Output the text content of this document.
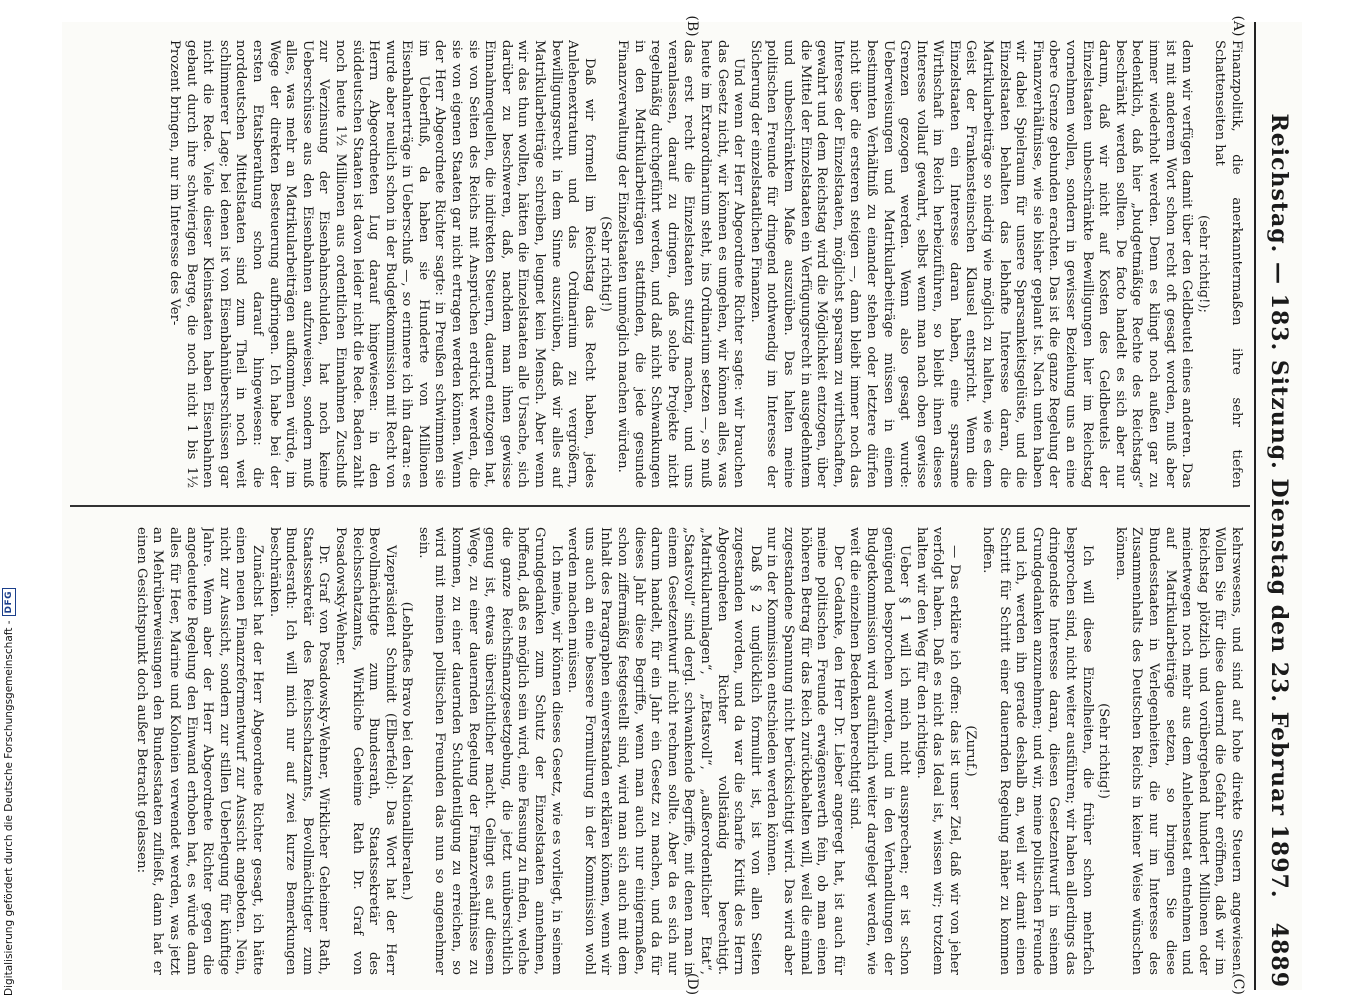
Reichstag. — 183. Sitzung. Dienstag den 23. Februar 1897.
4889
(A)
(B)
(C)
(D)

Finanzpolitik, die anerkanntermaßen ihre sehr tiefen Schattenseiten hat

(sehr richtig!);

denn wir verfügen damit über den Geldbeutel eines anderen. Das ist mit anderem Wort schon recht oft gesagt worden, muß aber immer wiederholt werden. Denn es klingt noch außen gar zu bedenklich, daß hier „budgetmäßige Rechte des Reichstags“ beschränkt werden sollten. De facto handelt es sich aber nur darum, daß wir nicht auf Kosten des Geldbeutels der Einzelstaaten unbeschränkte Bewilligungen hier im Reichstag vornehmen wollen, sondern in gewisser Beziehung uns an eine obere Grenze gebunden erachten. Das ist die ganze Regelung der Finanzverhältnisse, wie sie bisher geplant ist. Nach unten haben wir dabei Spielraum für unsere Sparsamkeitsgelüste, und die Einzelstaaten behalten das lebhafte Interesse daran, die Matrikularbeiträge so niedrig wie möglich zu halten, wie es dem Geist der Frankensteinschen Klausel entspricht. Wenn die Einzelstaaten ein Interesse daran haben, eine sparsame Wirthschaft im Reich herbeizuführen, so bleibt ihnen dieses Interesse vollauf gewahrt, selbst wenn man nach oben gewisse Grenzen gezogen werden. Wenn also gesagt wurde: Ueberweisungen und Matrikularbeiträge müssen in einem bestimmten Verhältniß zu einander stehen oder letztere dürfen nicht über die ersteren steigen —, dann bleibt immer noch das Interesse der Einzelstaaten, möglichst sparsam zu wirthschaften, gewahrt und dem Reichstag wird die Möglichkeit entzogen, über die Mittel der Einzelstaaten ein Verfügungsrecht in ausgedehntem und unbeschränktem Maße auszuüben. Das halten meine politischen Freunde für dringend nothwendig im Interesse der Sicherung der einzelstaatlichen Finanzen.

Und wenn der Herr Abgeordnete Richter sagte: wir brauchen das Gesetz nicht, wir können es umgehen, wir können alles, was heute im Extraordinarium steht, ins Ordinarium setzen —, so muß das erst recht die Einzelstaaten stutzig machen, und uns veranlassen, darauf zu dringen, daß solche Projekte nicht regelmäßig durchgeführt werden, und daß nicht Schwankungen in den Matrikularbeiträgen stattfinden, die jede gesunde Finanzverwaltung der Einzelstaaten unmöglich machen würden.

(Sehr richtig!)

Daß wir formell im Reichstag das Recht haben, jedes Anlehenextratum und das Ordinarium zu vergrößern, bewilligungsrecht in dem Sinne auszuüben, daß wir alles auf Matrikularbeiträge schreiben, leugnet kein Mensch. Aber wenn wir das thun wollten, hätten die Einzelstaaten alle Ursache, sich darüber zu beschweren, daß, nachdem man ihnen gewisse Einnahmequellen, die indirekten Steuern, dauernd entzogen hat, sie von Seiten des Reichs mit Ansprüchen erdrückt werden, die sie von eigenen Staaten gar nicht ertragen werden können. Wenn der Herr Abgeordnete Richter sagte: in Preußen schwimmen sie im Ueberfluß, da haben sie Hunderte von Millionen Eisenbahnerträge in Ueberschuß —, so erinnere ich ihn daran: es wurde aber neulich schon in der Budgetkommission mit Recht von Herrn Abgeordneten Lug darauf hingewiesen: in den süddeutschen Staaten ist davon leider nicht die Rede. Baden zahlt noch heute 1½ Millionen aus ordentlichen Einnahmen Zuschuß zur Verzinsung der Eisenbahnschulden, hat noch keine Ueberschüsse aus den Eisenbahnen aufzuweisen, sondern muß alles, was mehr an Matrikularbeiträgen aufkommen würde, im Wege der direkten Besteuerung aufbringen. Ich habe bei der ersten Etatsberathung schon darauf hingewiesen: die norddeutschen Mittelstaaten sind zum Theil in noch weit schlimmerer Lage; bei denen ist von Eisenbahnüberschüssen gar nicht die Rede. Viele dieser Kleinstaaten haben Eisenbahnen gebaut durch ihre schwierigen Berge, die noch nicht 1 bis 1½ Prozent bringen, nur im Interesse des Ver-

kehrswesens, und sind auf hohe direkte Steuern angewiesen. Wollen Sie für diese dauernd die Gefahr eröffnen, daß wir im Reichstag plötzlich und vorübergehend hundert Millionen oder meinetwegen noch mehr aus dem Anlehensetat entnehmen und auf Matrikularbeiträge setzen, so bringen Sie diese Bundesstaaten in Verlegenheiten, die nur im Interesse des Zusammenhalts des Deutschen Reichs in keiner Weise wünschen können.

(Sehr richtig!)

Ich will diese Einzelheiten, die früher schon mehrfach besprochen sind, nicht weiter ausführen; wir haben allerdings das dringendste Interesse daran, diesen Gesetzentwurf in seinem Grundgedanken anzunehmen; und wir, meine politischen Freunde und ich, werden ihn gerade deshalb an, weil wir damit einen Schritt für Schritt einer dauernden Regelung näher zu kommen hoffen.

(Zuruf.)

— Das erkläre ich offen: das ist unser Ziel, daß wir von jeher verfolgt haben. Daß es nicht das Ideal ist, wissen wir; trotzdem halten wir den Weg für den richtigen.

Ueber § 1 will ich mich nicht aussprechen; er ist schon genügend besprochen worden, und in den Verhandlungen der Budgetkommission wird ausführlich weiter dargelegt werden, wie weit die einzelnen Bedenken berechtigt sind.

Der Gedanke, den Herr Dr. Lieber angeregt hat, ist auch für meine politischen Freunde erwägenswerth fein, ob man einen höheren Betrag für das Reich zurückbehalten will, weil die einmal zugestandene Spannung nicht berücksichtigt wird. Das wird aber nur in der Kommission entschieden werden können.

Daß § 2 unglücklich formulirt ist, ist von allen Seiten zugestanden worden, und da war die scharfe Kritik des Herrn Abgeordneten Richter vollständig berechtigt. „Matrikularumlagen“, „Etatsvoll“, „außerordentlicher Etat“, „Staatsvoll“ sind dergl. schwankende Begriffe, mit denen man in einem Gesetzentwurf nicht rechnen sollte. Aber da es sich nur darum handelt, für ein Jahr ein Gesetz zu machen, und da für dieses Jahr diese Begriffe, wenn man auch nur einigermaßen, schon ziffermäßig festgestellt sind, wird man sich auch mit dem Inhalt des Paragraphen einverstanden erklären können, wenn wir uns auch an eine bessere Formulirung in der Kommission wohl werden machen müssen.

Ich meine, wir können dieses Gesetz, wie es vorliegt, in seinem Grundgedanken zum Schutz der Einzelstaaten annehmen, hoffend, daß es möglich sein wird, eine Fassung zu finden, welche die ganze Reichsfinanzgesetzgebung, die jetzt unübersichtlich genug ist, etwas übersichtlicher macht. Gelingt es auf diesem Wege, zu einer dauernden Regelung der Finanzverhältnisse zu kommen, zu einer dauernden Schuldentilgung zu erreichen, so wird mit meinen politischen Freunden das nun so angenehmer sein.

(Lebhaftes Bravo bei den Nationalliberalen.)

Vizepräsident Schmidt (Elberfeld): Das Wort hat der Herr Bevollmächtigte zum Bundesrath, Staatssekretär des Reichsschatzamts, Wirkliche Geheime Rath Dr. Graf von Posadowsky-Wehner.

Dr. Graf von Posadowsky-Wehner, Wirklicher Geheimer Rath, Staatssekretär des Reichsschatzamts, Bevollmächtigter zum Bundesrath: Ich will mich nur auf zwei kurze Bemerkungen beschränken.

Zunächst hat der Herr Abgeordnete Richter gesagt, ich hätte einen neuen Finanzreformentwurf zur Aussicht angeboten. Nein, nicht zur Aussicht, sondern zur stillen Ueberlegung für künftige Jahre. Wenn aber der Herr Abgeordnete Richter gegen die angedeutete Regelung den Einwand erhoben hat, es würde dann alles für Heer, Marine und Kolonien verwendet werden, was jetzt an Mehrüberweisungen den Bundesstaaten zufließt, dann hat er einen Gesichtspunkt doch außer Betracht gelassen:

Digitalisierung gefördert durch die Deutsche Forschungsgemeinschaft -
DFG
